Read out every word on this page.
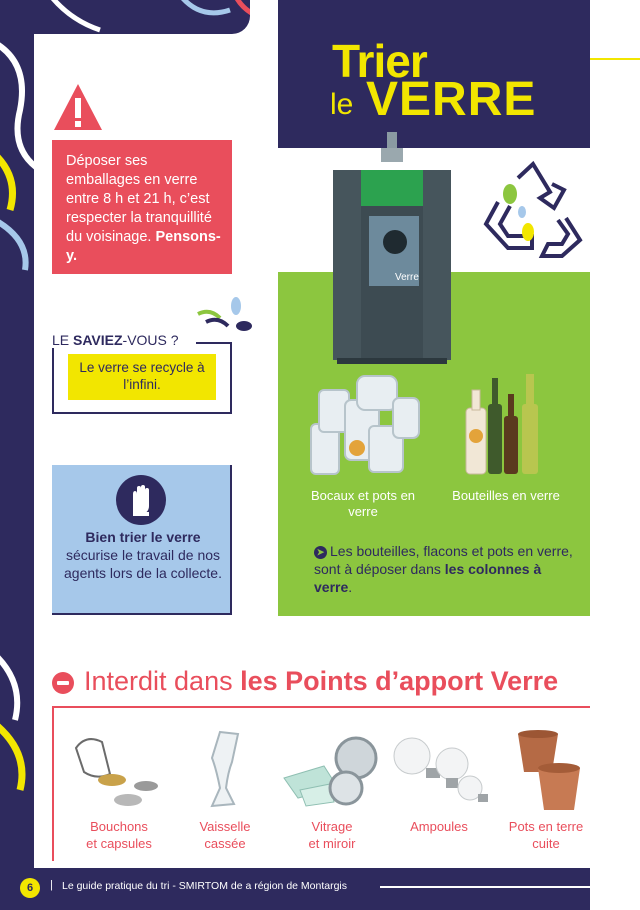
Trier
le VERRE
Déposer ses emballages en verre entre 8 h et 21 h, c’est respecter la tranquillité du voisinage. Pensons-y.
LE SAVIEZ-VOUS ?
Le verre se recycle à l’infini.
Bien trier le verre
sécurise le travail de nos agents lors de la collecte.
Verre
Bocaux et pots en verre
Bouteilles en verre
➤ Les bouteilles, flacons et pots en verre, sont à déposer dans les colonnes à verre.
Interdit dans les Points d’apport Verre
Bouchons
et capsules
Vaisselle
cassée
Vitrage
et miroir
Ampoules	Pots en terre
cuite
6	| Le guide pratique du tri - SMIRTOM de a région de Montargis
